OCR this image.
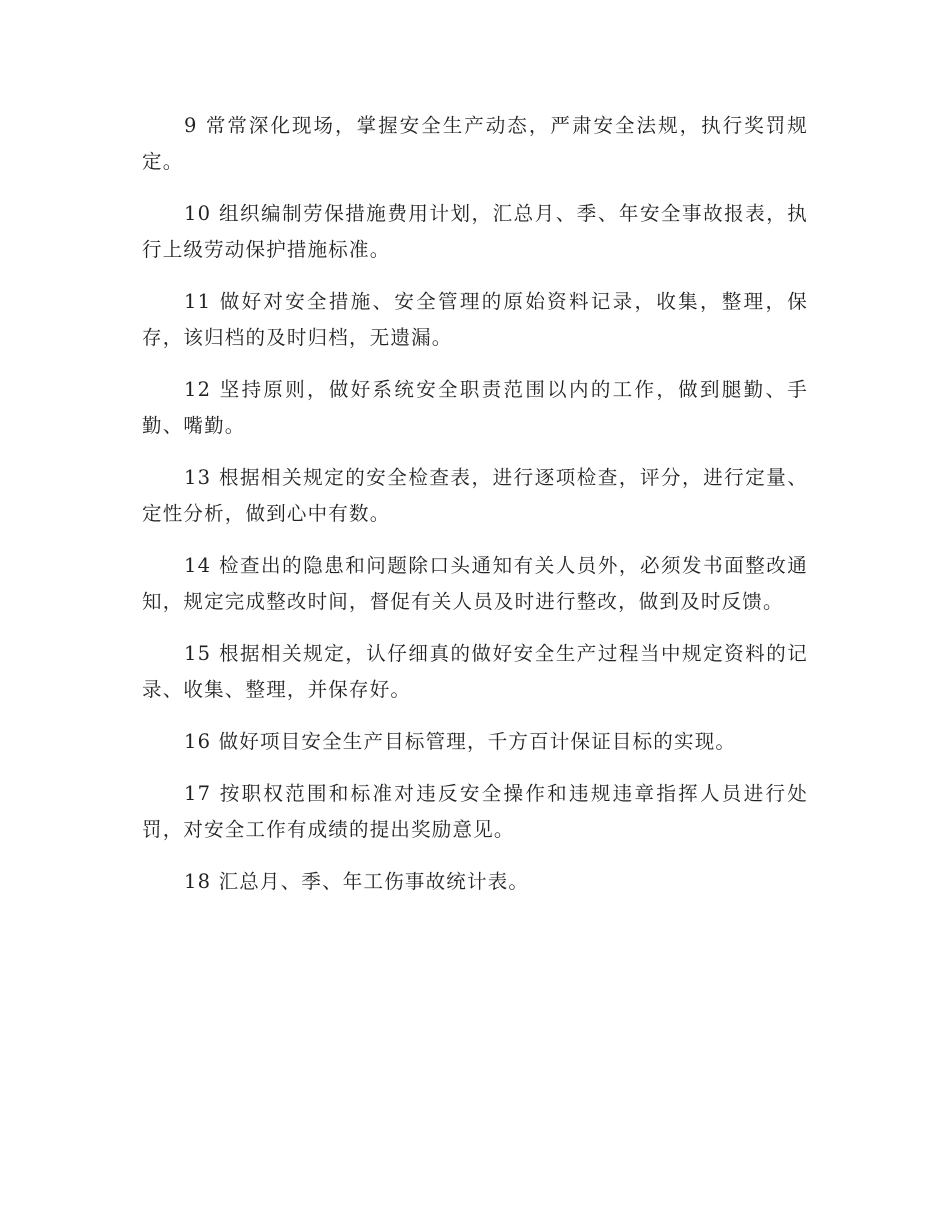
9 常常深化现场，掌握安全生产动态，严肃安全法规，执行奖罚规定。

10 组织编制劳保措施费用计划，汇总月、季、年安全事故报表，执行上级劳动保护措施标准。

11 做好对安全措施、安全管理的原始资料记录，收集，整理，保存，该归档的及时归档，无遗漏。

12 坚持原则，做好系统安全职责范围以内的工作，做到腿勤、手勤、嘴勤。

13 根据相关规定的安全检查表，进行逐项检查，评分，进行定量、定性分析，做到心中有数。

14 检查出的隐患和问题除口头通知有关人员外，必须发书面整改通知，规定完成整改时间，督促有关人员及时进行整改，做到及时反馈。

15 根据相关规定，认仔细真的做好安全生产过程当中规定资料的记录、收集、整理，并保存好。

16 做好项目安全生产目标管理，千方百计保证目标的实现。

17 按职权范围和标准对违反安全操作和违规违章指挥人员进行处罚，对安全工作有成绩的提出奖励意见。

18 汇总月、季、年工伤事故统计表。
